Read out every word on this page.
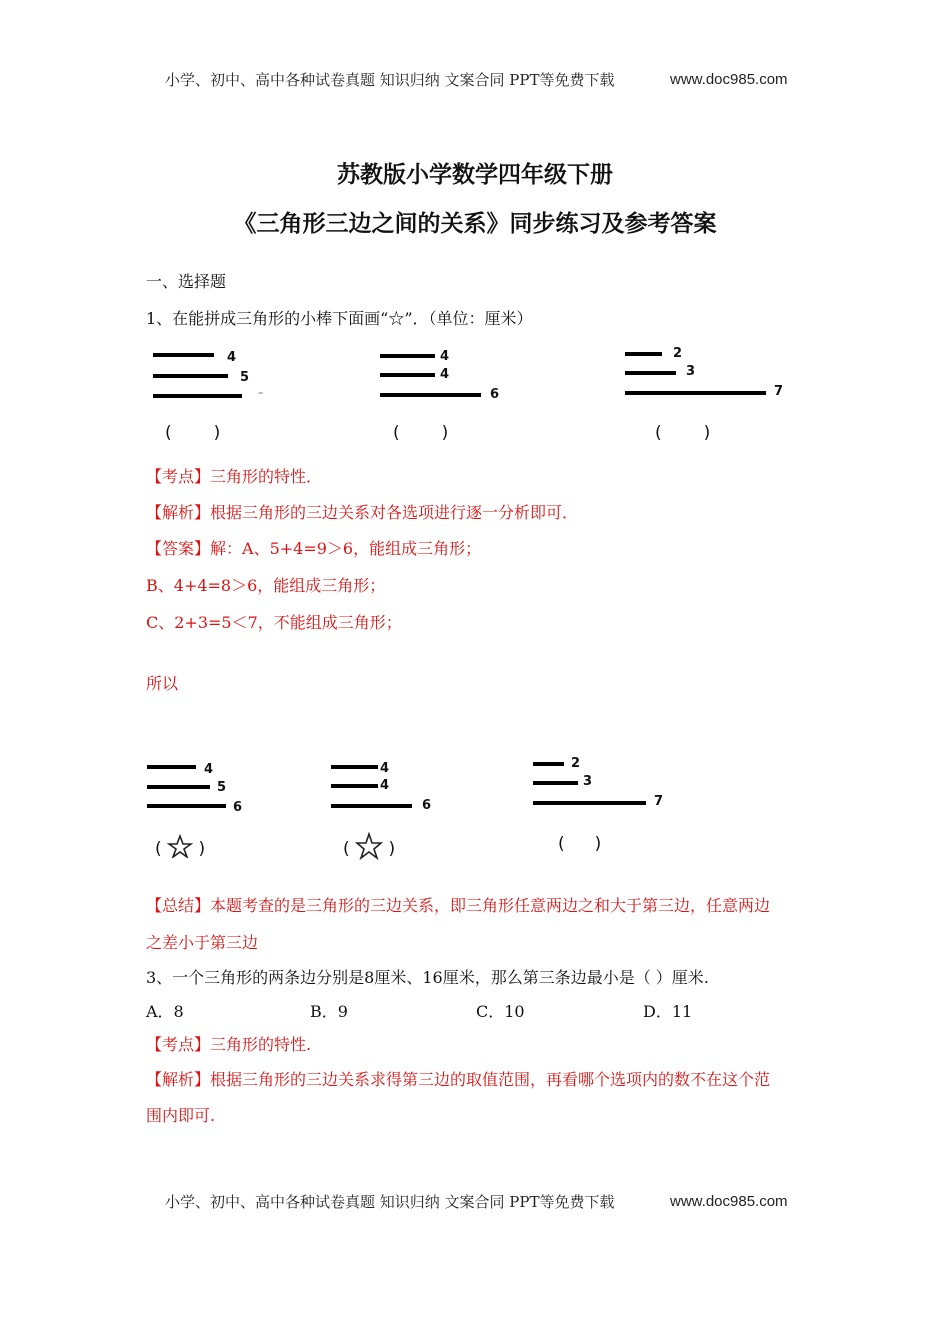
小学、初中、高中各种试卷真题 知识归纳 文案合同 PPT等免费下载	www.doc985.com
苏教版小学数学四年级下册
《三角形三边之间的关系》同步练习及参考答案
一、选择题
1、在能拼成三角形的小棒下面画“☆”．（单位：厘米）
4
5
-
( )
4
4
6
( )
2
3
7
( )
【考点】三角形的特性．
【解析】根据三角形的三边关系对各选项进行逐一分析即可．
【答案】解：A、5+4=9＞6，能组成三角形；
B、4+4=8＞6，能组成三角形；
C、2+3=5＜7，不能组成三角形；
所以
4
5
6
( )
4
4
6
( )
2
3
7
( )
【总结】本题考查的是三角形的三边关系，即三角形任意两边之和大于第三边，任意两边
之差小于第三边
3、一个三角形的两条边分别是8厘米、16厘米，那么第三条边最小是（ ）厘米.
A．8	B．9	C．10	D．11
【考点】三角形的特性.
【解析】根据三角形的三边关系求得第三边的取值范围，再看哪个选项内的数不在这个范
围内即可.
小学、初中、高中各种试卷真题 知识归纳 文案合同 PPT等免费下载	www.doc985.com
